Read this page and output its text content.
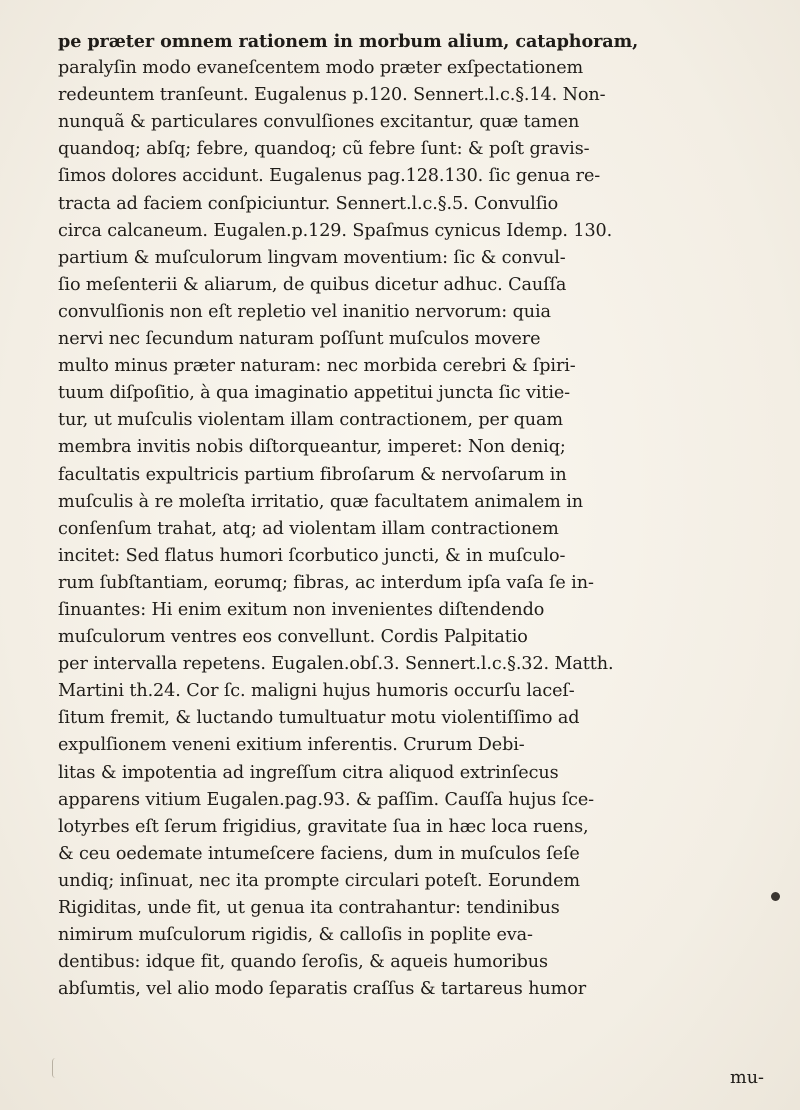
pe præter omnem rationem in morbum alium, cataphoram,
paralyſin modo evaneſcentem modo præter exſpectationem
redeuntem tranſeunt. Eugalenus p.120. Sennert.l.c.§.14. Non-
nunquã & particulares convulſiones excitantur, quæ tamen
quandoq; abſq; febre, quandoq; cũ febre ſunt: & poſt gravis-
ſimos dolores accidunt. Eugalenus pag.128.130. ſic genua re-
tracta ad faciem conſpiciuntur. Sennert.l.c.§.5. Convulſio
circa calcaneum. Eugalen.p.129. Spaſmus cynicus Idemp. 130.
partium & muſculorum lingvam moventium: ſic & convul-
ſio meſenterii & aliarum, de quibus dicetur adhuc. Cauſſa
convulſionis non eſt repletio vel inanitio nervorum: quia
nervi nec ſecundum naturam poſſunt muſculos movere
multo minus præter naturam: nec morbida cerebri & ſpiri-
tuum diſpoſitio, à qua imaginatio appetitui juncta ſic vitie-
tur, ut muſculis violentam illam contractionem, per quam
membra invitis nobis diſtorqueantur, imperet: Non deniq;
facultatis expultricis partium fibroſarum & nervoſarum in
muſculis à re moleſta irritatio, quæ facultatem animalem in
conſenſum trahat, atq; ad violentam illam contractionem
incitet: Sed flatus humori ſcorbutico juncti, & in muſculo-
rum ſubſtantiam, eorumq; fibras, ac interdum ipſa vaſa ſe in-
ſinuantes: Hi enim exitum non invenientes diſtendendo
muſculorum ventres eos convellunt. Cordis Palpitatio
per intervalla repetens. Eugalen.obſ.3. Sennert.l.c.§.32. Matth.
Martini th.24. Cor ſc. maligni hujus humoris occurſu laceſ-
ſitum fremit, & luctando tumultuatur motu violentiſſimo ad
expulſionem veneni exitium inferentis. Crurum Debi-
litas & impotentia ad ingreſſum citra aliquod extrinſecus
apparens vitium Eugalen.pag.93. & paſſim. Cauſſa hujus ſce-
lotyrbes eſt ſerum frigidius, gravitate ſua in hæc loca ruens,
& ceu oedemate intumeſcere faciens, dum in muſculos ſeſe
undiq; inſinuat, nec ita prompte circulari poteſt. Eorundem
Rigiditas, unde fit, ut genua ita contrahantur: tendinibus
nimirum muſculorum rigidis, & calloſis in poplite eva-
dentibus: idque fit, quando ſeroſis, & aqueis humoribus
abſumtis, vel alio modo ſeparatis craſſus & tartareus humor
mu-
